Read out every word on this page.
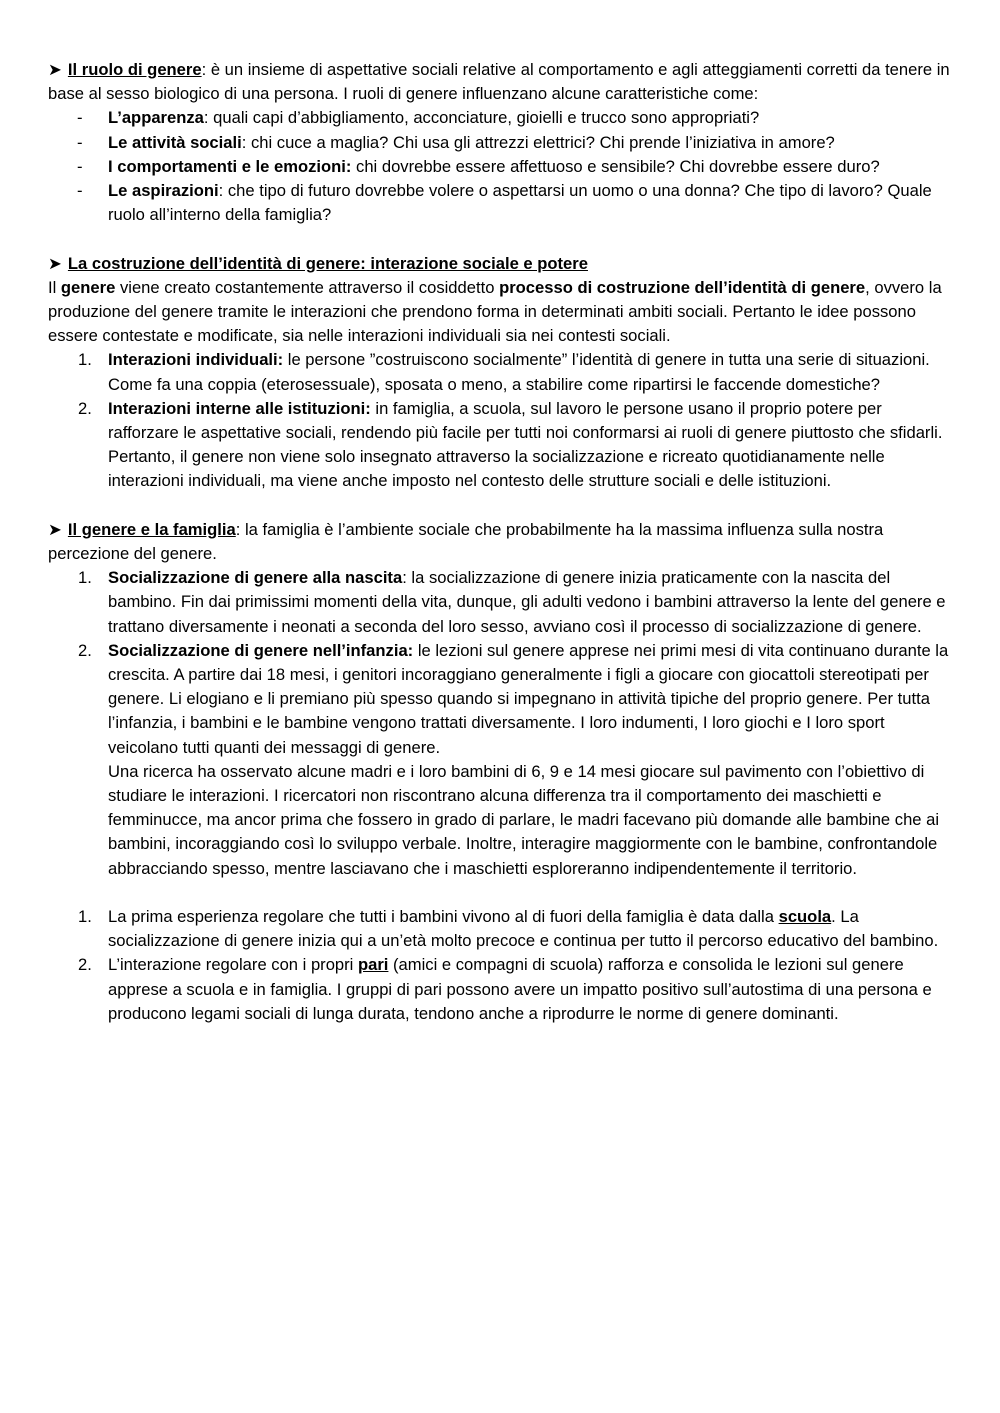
➤ Il ruolo di genere: è un insieme di aspettative sociali relative al comportamento e agli atteggiamenti corretti da tenere in base al sesso biologico di una persona. I ruoli di genere influenzano alcune caratteristiche come:

-	L’apparenza: quali capi d’abbigliamento, acconciature, gioielli e trucco sono appropriati?
-	Le attività sociali: chi cuce a maglia? Chi usa gli attrezzi elettrici? Chi prende l’iniziativa in amore?
-	I comportamenti e le emozioni: chi dovrebbe essere affettuoso e sensibile? Chi dovrebbe essere duro?
-	Le aspirazioni: che tipo di futuro dovrebbe volere o aspettarsi un uomo o una donna? Che tipo di lavoro? Quale ruolo all’interno della famiglia?

➤ La costruzione dell’identità di genere: interazione sociale e potere

Il genere viene creato costantemente attraverso il cosiddetto processo di costruzione dell’identità di genere, ovvero la produzione del genere tramite le interazioni che prendono forma in determinati ambiti sociali. Pertanto le idee possono essere contestate e modificate, sia nelle interazioni individuali sia nei contesti sociali.

1. Interazioni individuali: le persone ”costruiscono socialmente” l’identità di genere in tutta una serie di situazioni.
Come fa una coppia (eterosessuale), sposata o meno, a stabilire come ripartirsi le faccende domestiche?
2. Interazioni interne alle istituzioni: in famiglia, a scuola, sul lavoro le persone usano il proprio potere per rafforzare le aspettative sociali, rendendo più facile per tutti noi conformarsi ai ruoli di genere piuttosto che sfidarli. Pertanto, il genere non viene solo insegnato attraverso la socializzazione e ricreato quotidianamente nelle interazioni individuali, ma viene anche imposto nel contesto delle strutture sociali e delle istituzioni.

➤ Il genere e la famiglia: la famiglia è l’ambiente sociale che probabilmente ha la massima influenza sulla nostra percezione del genere.

1. Socializzazione di genere alla nascita: la socializzazione di genere inizia praticamente con la nascita del bambino. Fin dai primissimi momenti della vita, dunque, gli adulti vedono i bambini attraverso la lente del genere e trattano diversamente i neonati a seconda del loro sesso, avviano così il processo di socializzazione di genere.
2. Socializzazione di genere nell’infanzia: le lezioni sul genere apprese nei primi mesi di vita continuano durante la crescita. A partire dai 18 mesi, i genitori incoraggiano generalmente i figli a giocare con giocattoli stereotipati per genere. Li elogiano e li premiano più spesso quando si impegnano in attività tipiche del proprio genere. Per tutta l’infanzia, i bambini e le bambine vengono trattati diversamente. I loro indumenti, I loro giochi e I loro sport veicolano tutti quanti dei messaggi di genere.
Una ricerca ha osservato alcune madri e i loro bambini di 6, 9 e 14 mesi giocare sul pavimento con l’obiettivo di studiare le interazioni. I ricercatori non riscontrano alcuna differenza tra il comportamento dei maschietti e femminucce, ma ancor prima che fossero in grado di parlare, le madri facevano più domande alle bambine che ai bambini, incoraggiando così lo sviluppo verbale. Inoltre, interagire maggiormente con le bambine, confrontandole abbracciando spesso, mentre lasciavano che i maschietti esploreranno indipendentemente il territorio.
1. La prima esperienza regolare che tutti i bambini vivono al di fuori della famiglia è data dalla scuola. La socializzazione di genere inizia qui a un’età molto precoce e continua per tutto il percorso educativo del bambino.
2. L’interazione regolare con i propri pari (amici e compagni di scuola) rafforza e consolida le lezioni sul genere apprese a scuola e in famiglia. I gruppi di pari possono avere un impatto positivo sull’autostima di una persona e producono legami sociali di lunga durata, tendono anche a riprodurre le norme di genere dominanti.
